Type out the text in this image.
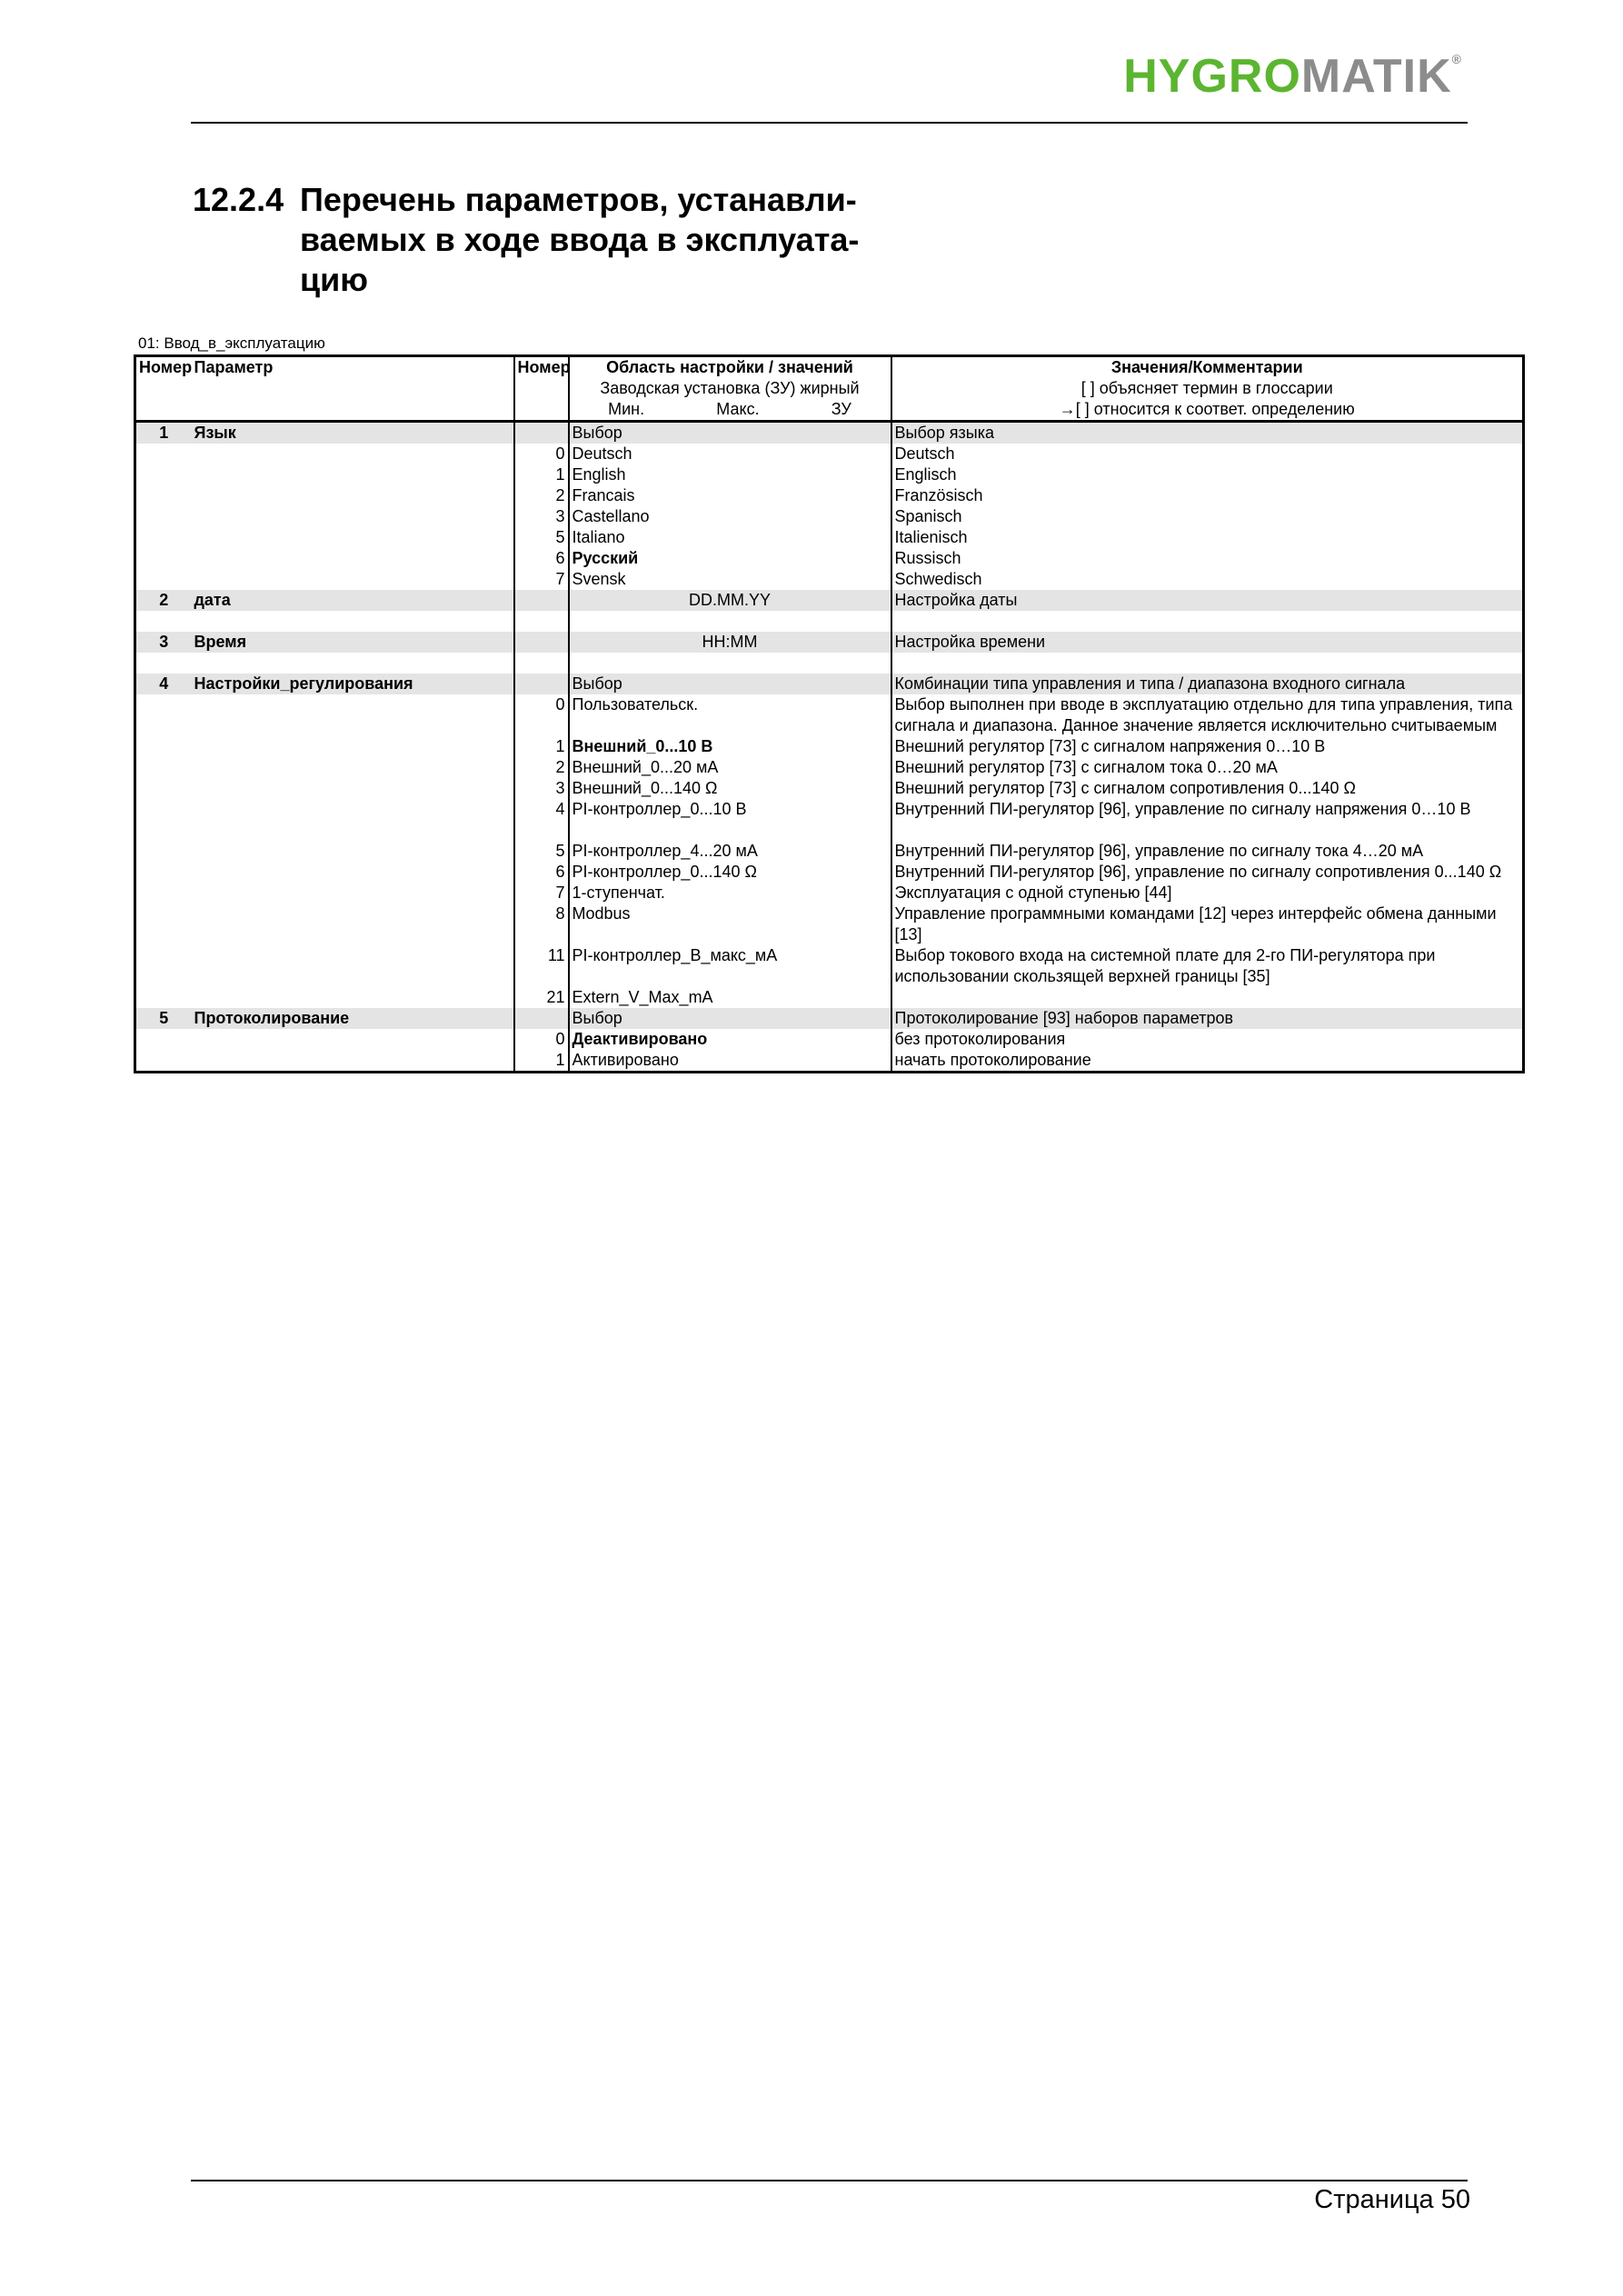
HYGROMATIK®
12.2.4 Перечень параметров, устанавли-
ваемых в ходе ввода в эксплуата-
цию
01: Ввод_в_эксплуатацию
Номер	Параметр	Номер	Область настройки / значений	Значения/Комментарии
			Заводская установка (ЗУ) жирный	[ ] объясняет термин в глоссарии

			Мин. Макс. ЗУ	→[ ] относится к соответ. определению
1	Язык		Выбор	Выбор языка
		0	Deutsch	Deutsch
		1	English	Englisch
		2	Francais	Französisch
		3	Castellano	Spanisch
		5	Italiano	Italienisch
		6	Русский	Russisch
		7	Svensk	Schwedisch
2	дата		DD.MM.YY	Настройка даты

3	Время		HH:MM	Настройка времени

4	Настройки_регулирования		Выбор	Комбинации типа управления и типа / диапазона входного сигнала
		0	Пользовательск.	Выбор выполнен при вводе в эксплуатацию отдельно для типа управления, типа сигнала и диапазона. Данное значение является исключительно считываемым
		1	Внешний_0...10 В	Внешний регулятор [73] с сигналом напряжения 0…10 В
		2	Внешний_0...20 мА	Внешний регулятор [73] с сигналом тока 0…20 мА
		3	Внешний_0...140 Ω	Внешний регулятор [73] с сигналом сопротивления 0...140 Ω
		4	PI-контроллер_0...10 В	Внутренний ПИ-регулятор [96], управление по сигналу напряжения 0…10 В
		5	PI-контроллер_4...20 мА	Внутренний ПИ-регулятор [96], управление по сигналу тока 4…20 мА
		6	PI-контроллер_0...140 Ω	Внутренний ПИ-регулятор [96], управление по сигналу сопротивления 0...140 Ω
		7	1-ступенчат.	Эксплуатация с одной ступенью [44]
		8	Modbus	Управление программными командами [12] через интерфейс обмена данными [13]
		11	PI-контроллер_B_макс_мА	Выбор токового входа на системной плате для 2-го ПИ-регулятора при использовании скользящей верхней границы [35]
		21	Extern_V_Max_mA	
5	Протоколирование		Выбор	Протоколирование [93] наборов параметров
		0	Деактивировано	без протоколирования
		1	Активировано	начать протоколирование
Страница 50
